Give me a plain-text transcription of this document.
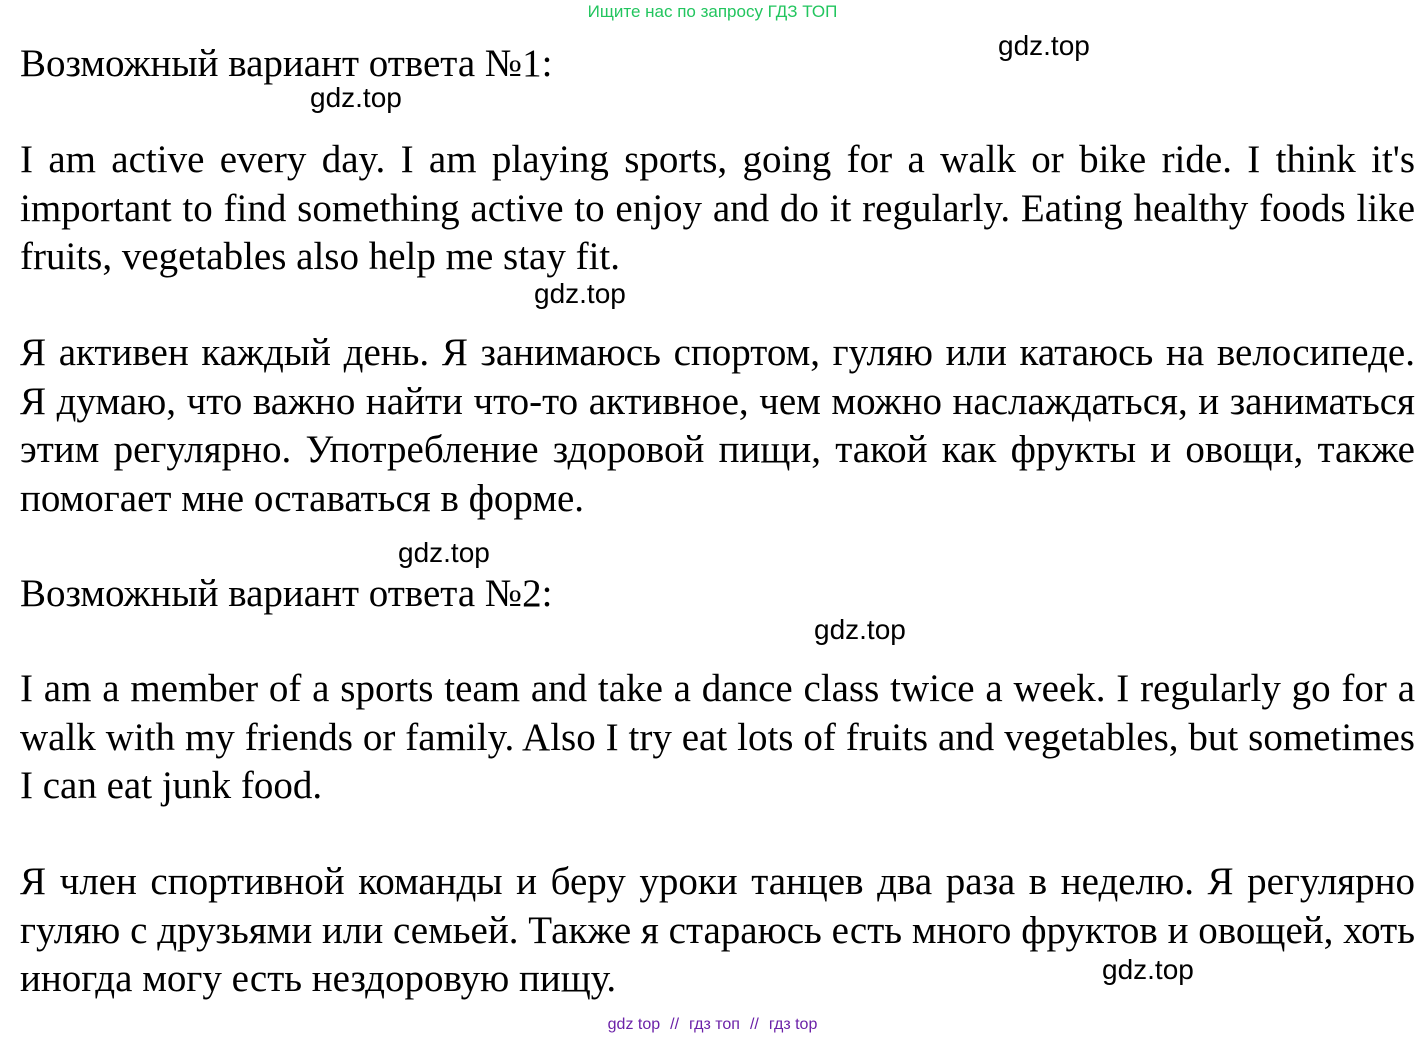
Ищите нас по запросу ГДЗ ТОП
Возможный вариант ответа №1:	gdz.top
gdz.top

I am active every day. I am playing sports, going for a walk or bike ride. I think it's important to find something active to enjoy and do it regularly. Eating healthy foods like fruits, vegetables also help me stay fit.

gdz.top

Я активен каждый день. Я занимаюсь спортом, гуляю или катаюсь на велосипеде. Я думаю, что важно найти что-то активное, чем можно наслаждаться, и заниматься этим регулярно. Употребление здоровой пищи, такой как фрукты и овощи, также помогает мне оставаться в форме.

gdz.top
Возможный вариант ответа №2:
gdz.top

I am a member of a sports team and take a dance class twice a week. I regularly go for a walk with my friends or family. Also I try eat lots of fruits and vegetables, but sometimes I can eat junk food.

Я член спортивной команды и беру уроки танцев два раза в неделю. Я регулярно гуляю с друзьями или семьей. Также я стараюсь есть много фруктов и овощей, хоть иногда могу есть нездоровую пищу.	gdz.top
gdz top // гдз топ // гдз top
